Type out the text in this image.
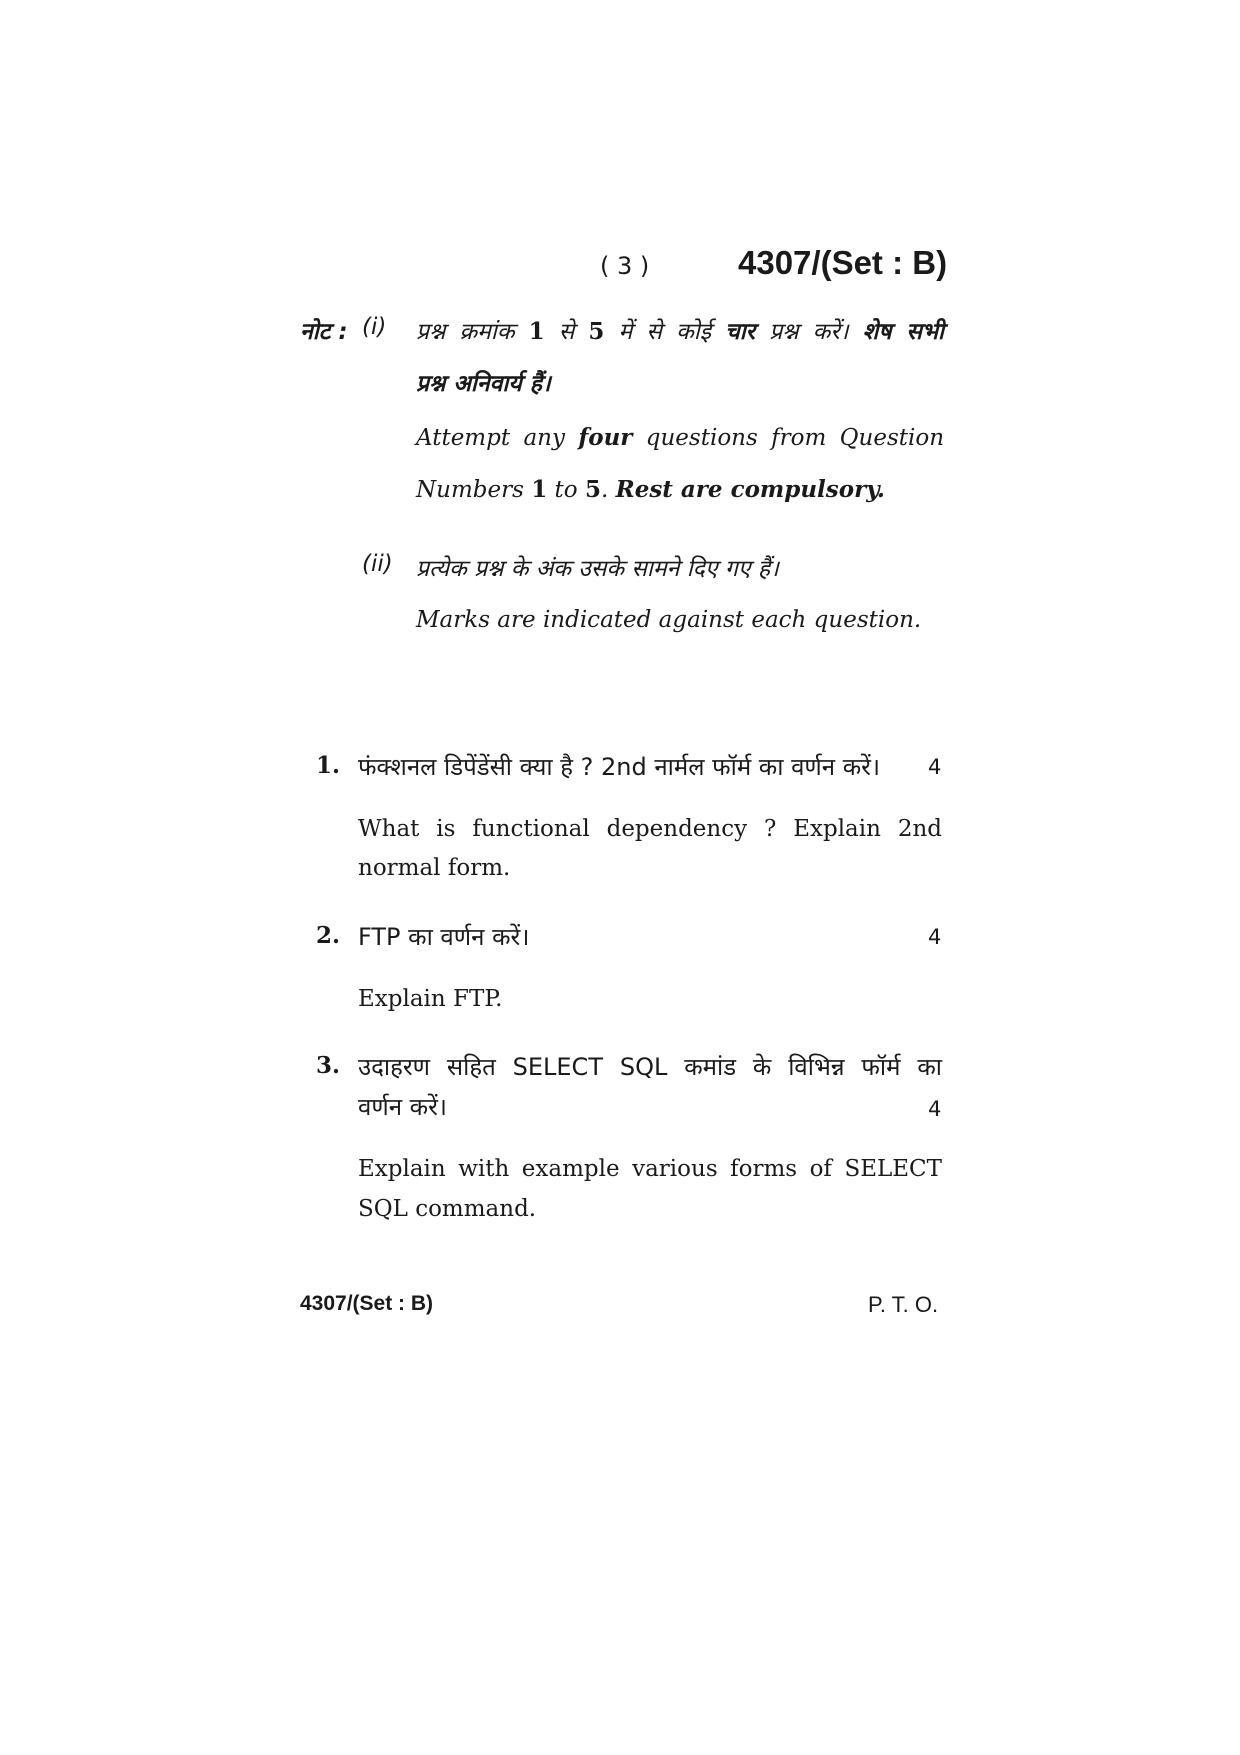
( 3 )	4307/(Set : B)
नोट : (i) प्रश्न क्रमांक 1 से 5 में से कोई चार प्रश्न करें। शेष सभी
प्रश्न अनिवार्य हैं।
Attempt any four questions from Question
Numbers 1 to 5. Rest are compulsory.
(ii) प्रत्येक प्रश्न के अंक उसके सामने दिए गए हैं।
Marks are indicated against each question.
1. फंक्शनल डिपेंडेंसी क्या है ? 2nd नार्मल फॉर्म का वर्णन करें। 4
What is functional dependency ? Explain 2nd
normal form.
2. FTP का वर्णन करें।	4
Explain FTP.
3. उदाहरण सहित SELECT SQL कमांड के विभिन्न फॉर्म का
वर्णन करें।	4
Explain with example various forms of SELECT
SQL command.
4307/(Set : B)	P. T. O.
